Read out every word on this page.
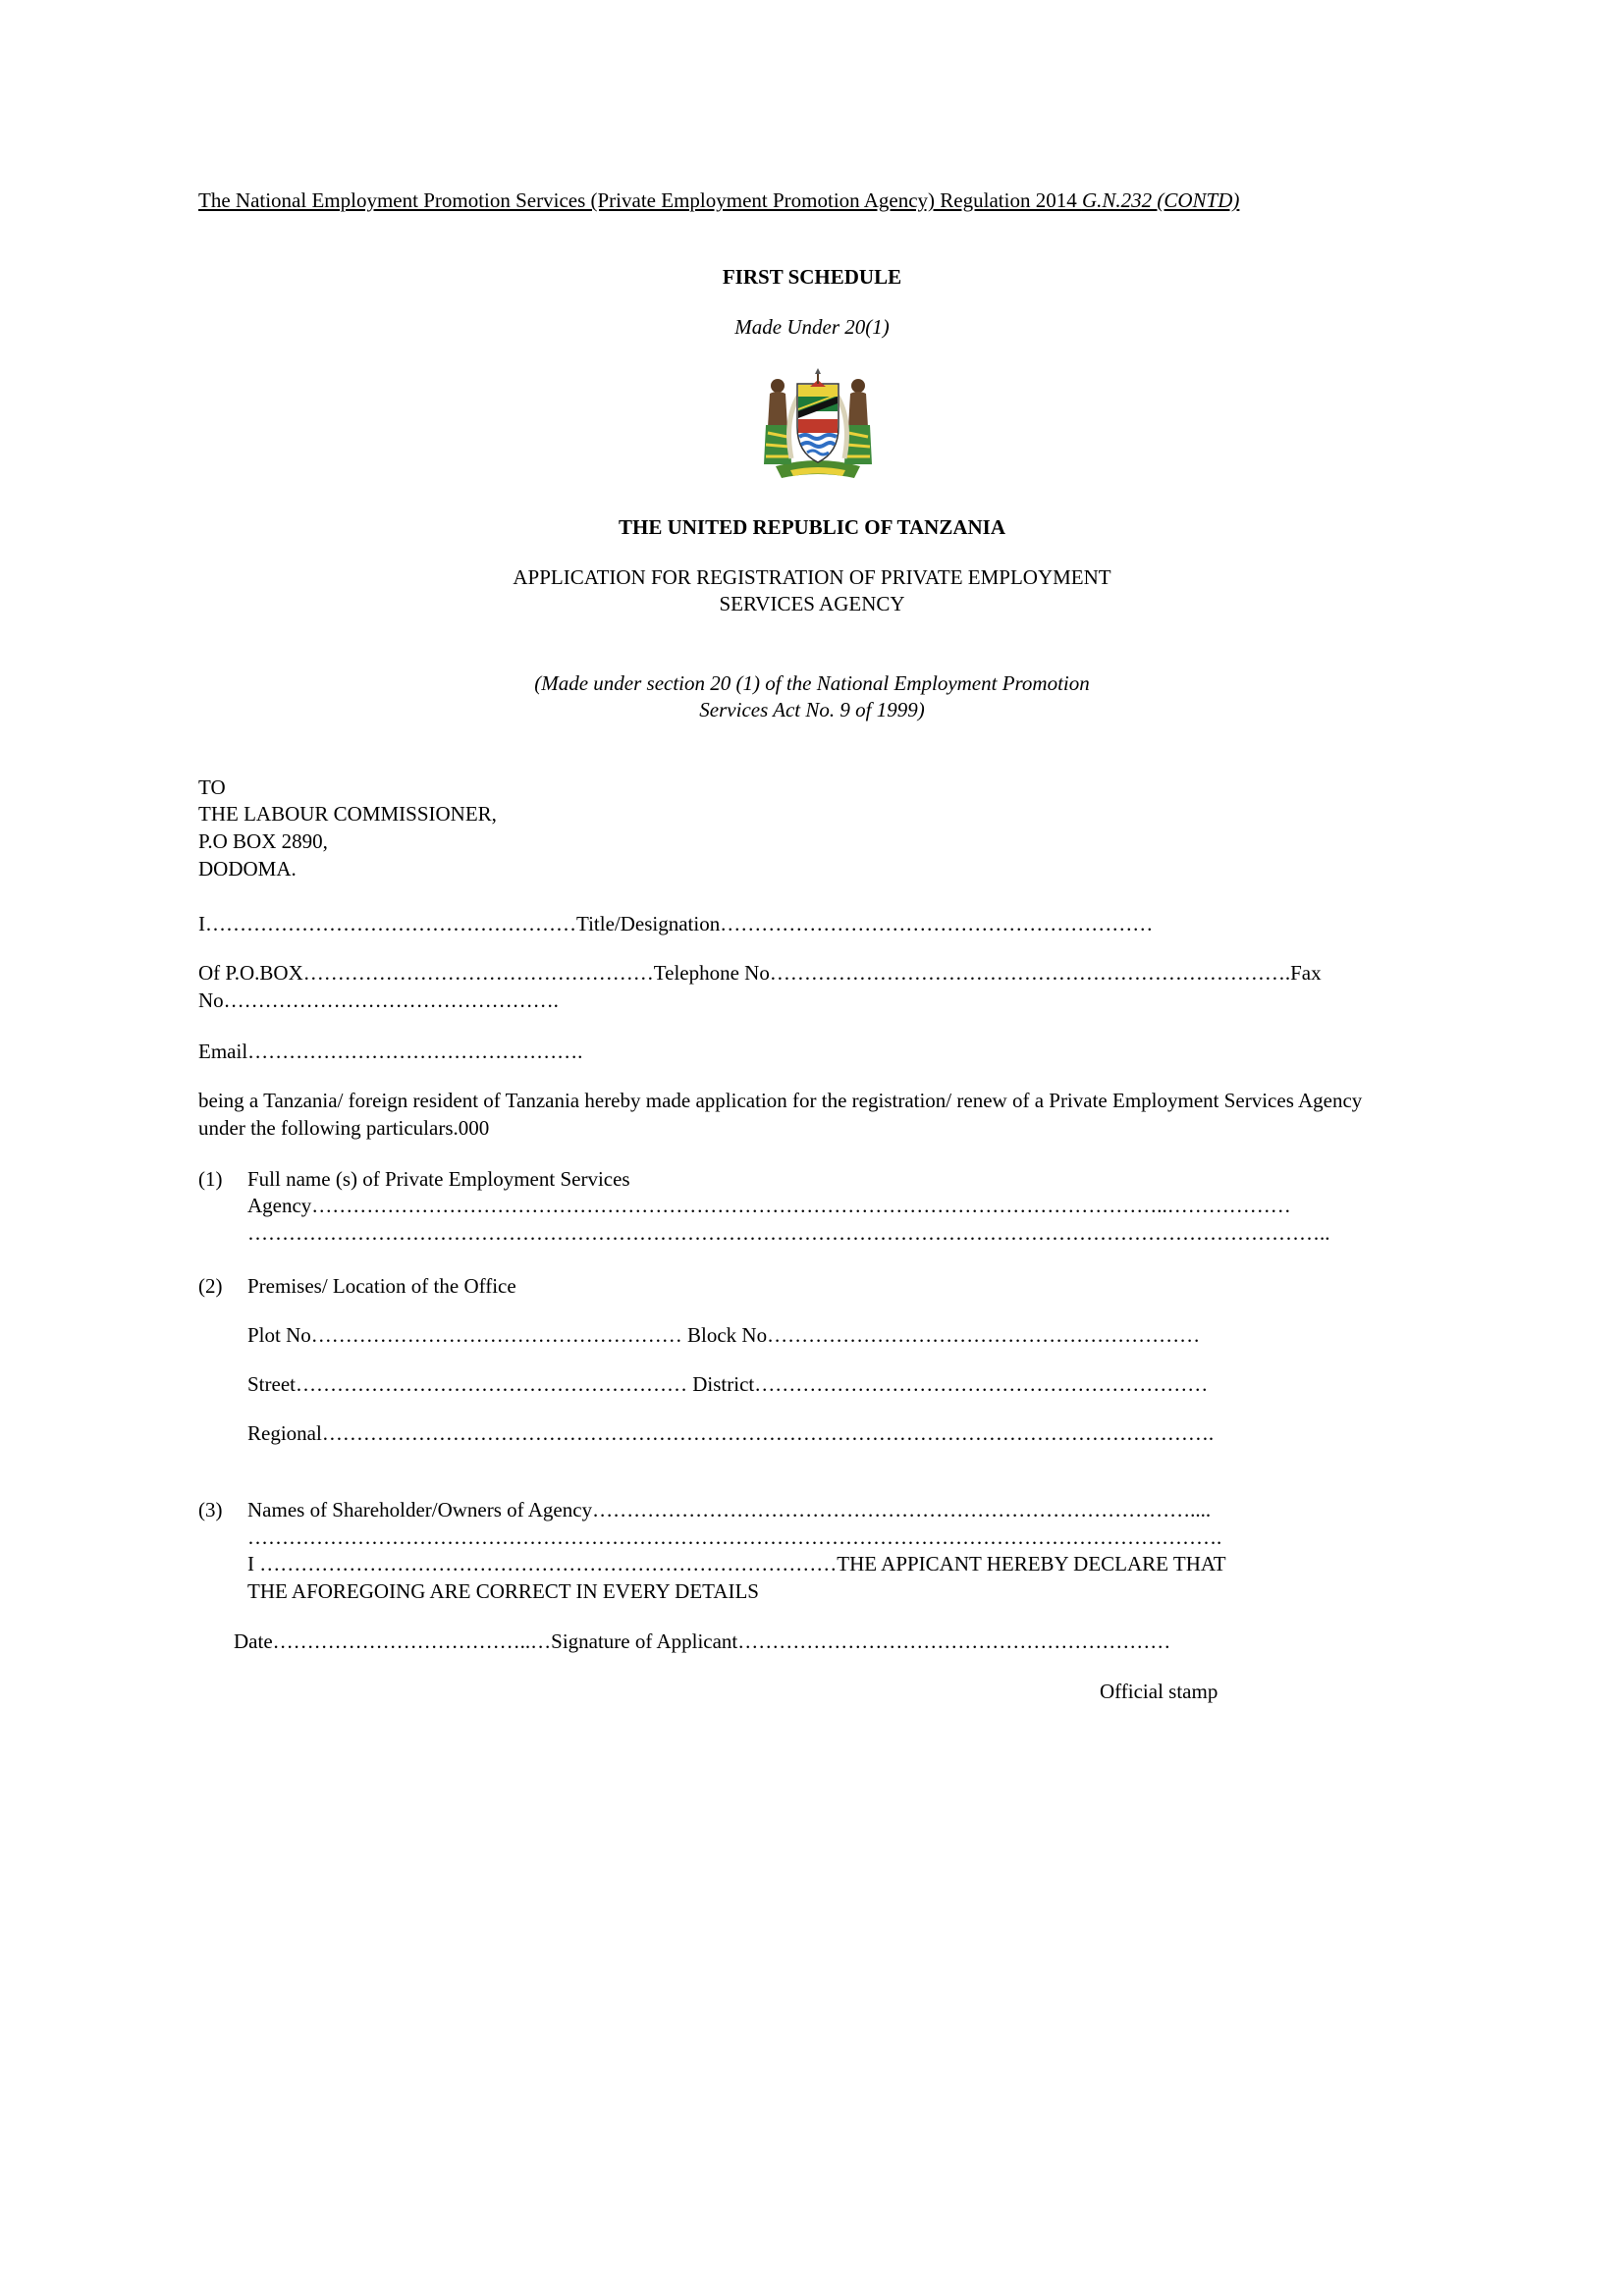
The National Employment Promotion Services (Private Employment Promotion Agency) Regulation 2014 G.N.232 (CONTD)
FIRST SCHEDULE
Made Under 20(1)
THE UNITED REPUBLIC OF TANZANIA
APPLICATION FOR REGISTRATION OF PRIVATE EMPLOYMENT
SERVICES AGENCY
(Made under section 20 (1) of the National Employment Promotion
Services Act No. 9 of 1999)
TO
THE LABOUR COMMISSIONER,
P.O BOX 2890,
DODOMA.
I………………………………………………Title/Designation………………………………………………………
Of P.O.BOX……………………………………………Telephone No………………………………………………………………….Fax
No………………………………………….
Email………………………………………….
being a Tanzania/ foreign resident of Tanzania hereby made application for the registration/ renew of a Private Employment Services Agency
under the following particulars.000
(1) Full name (s) of Private Employment Services
Agency……………………………………………………………………………………………………………..………………
…………………………………………………………………………………………………………………………………………..
(2) Premises/ Location of the Office
Plot No……………………………………………… Block No………………………………………………………
Street………………………………………………… District…………………………………………………………
Regional………………………………………………………………………………………………………………….
(3) Names of Shareholder/Owners of Agency……………………………………………………………………………....
…………………………………………………………………………………………………………………………….
I …………………………………………………………………………THE APPICANT HEREBY DECLARE THAT
THE AFOREGOING ARE CORRECT IN EVERY DETAILS
Date………………………………..…Signature of Applicant………………………………………………………
Official stamp
